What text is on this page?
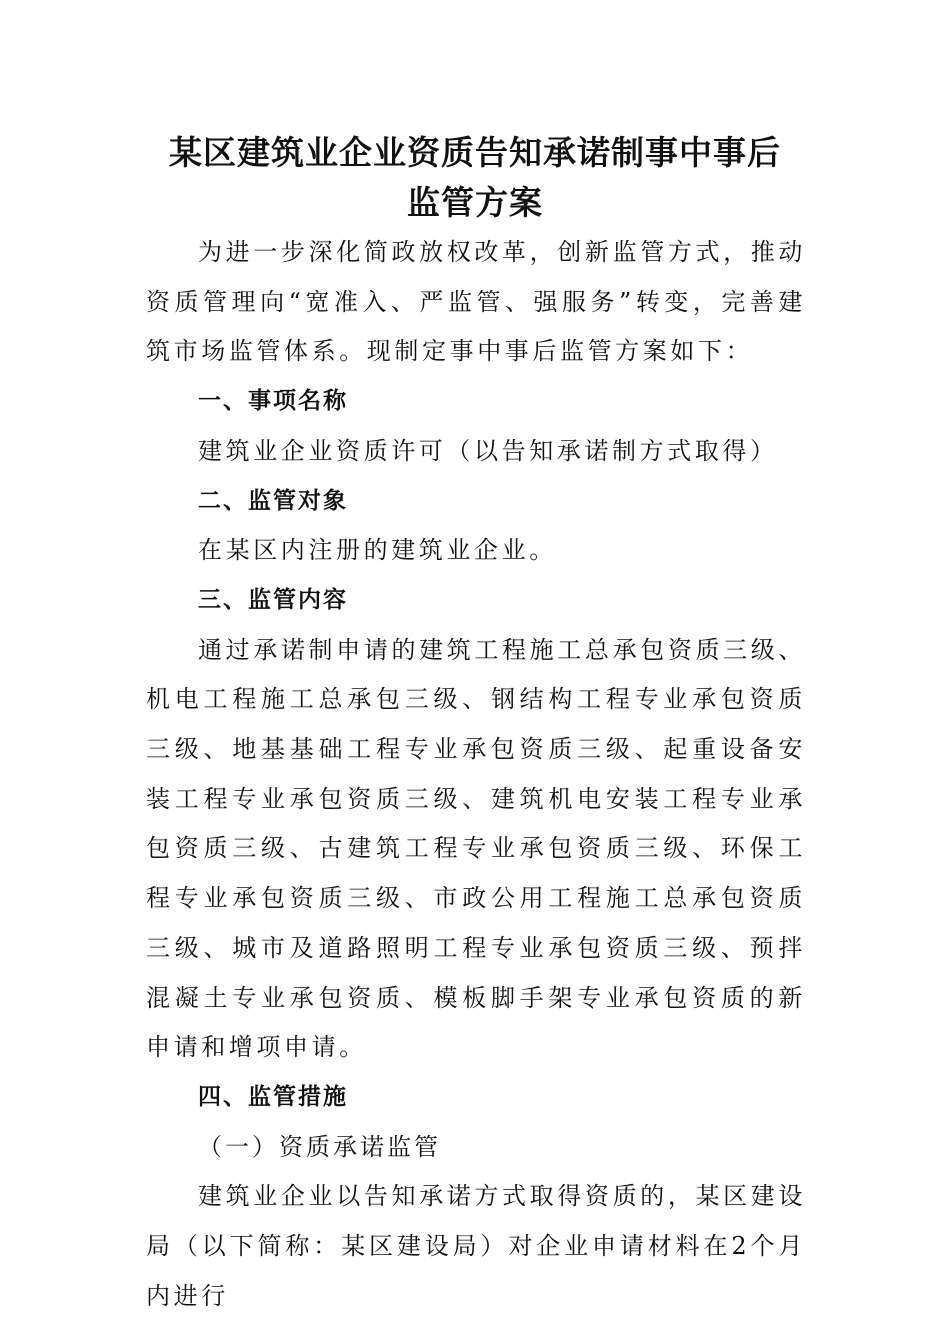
某区建筑业企业资质告知承诺制事中事后
监管方案

为进一步深化简政放权改革，创新监管方式，推动资质管理向“宽准入、严监管、强服务”转变，完善建筑市场监管体系。现制定事中事后监管方案如下：

一、事项名称

建筑业企业资质许可（以告知承诺制方式取得）

二、监管对象

在某区内注册的建筑业企业。

三、监管内容

通过承诺制申请的建筑工程施工总承包资质三级、机电工程施工总承包三级、钢结构工程专业承包资质三级、地基基础工程专业承包资质三级、起重设备安装工程专业承包资质三级、建筑机电安装工程专业承包资质三级、古建筑工程专业承包资质三级、环保工程专业承包资质三级、市政公用工程施工总承包资质三级、城市及道路照明工程专业承包资质三级、预拌混凝土专业承包资质、模板脚手架专业承包资质的新申请和增项申请。

四、监管措施

（一）资质承诺监管

建筑业企业以告知承诺方式取得资质的，某区建设局（以下简称：某区建设局）对企业申请材料在2个月内进行
